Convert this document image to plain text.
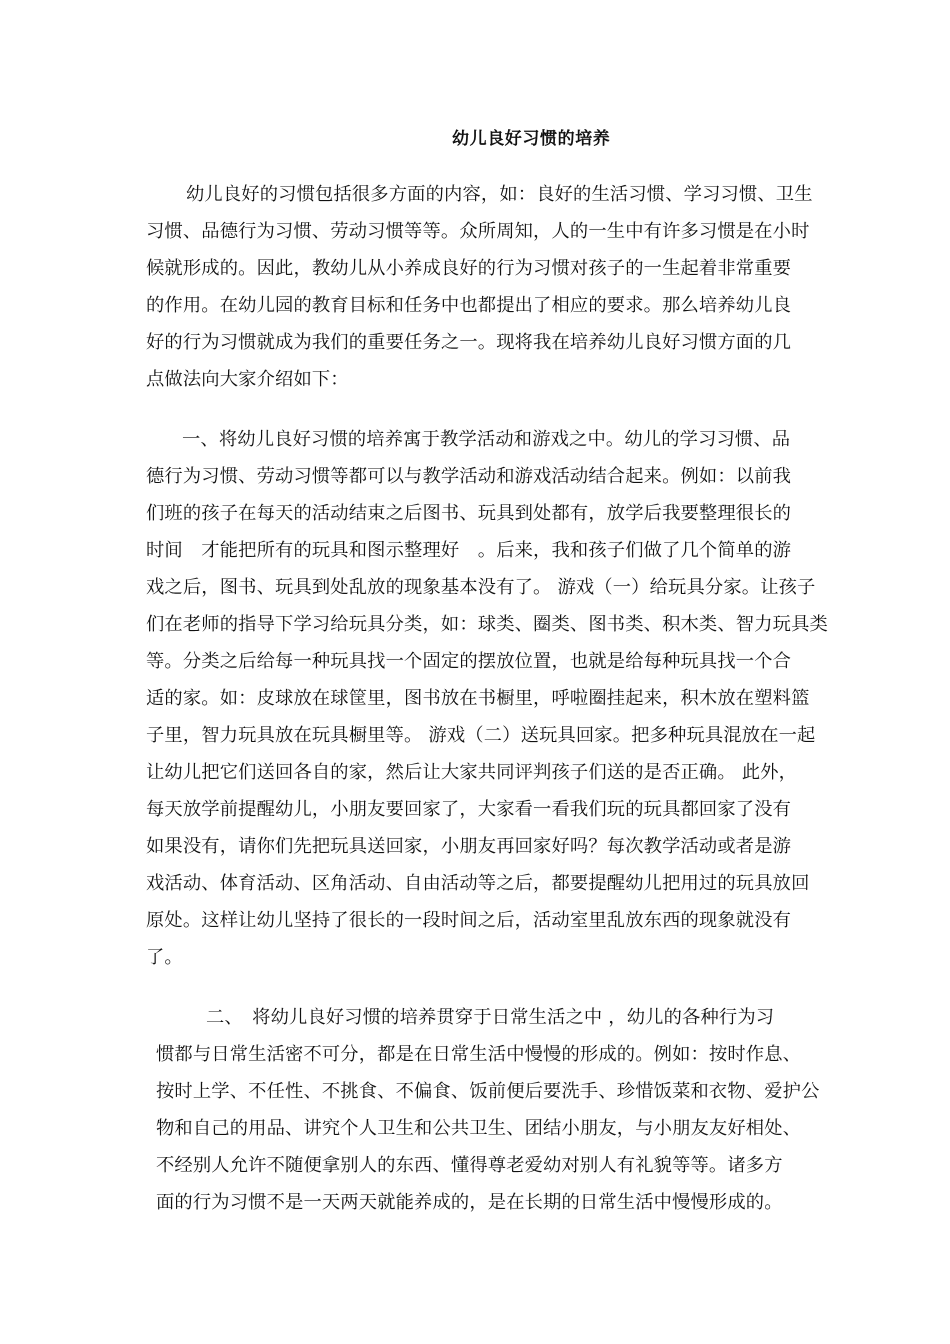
幼儿良好习惯的培养
幼儿良好的习惯包括很多方面的内容，如：良好的生活习惯、学习习惯、卫生
习惯、品德行为习惯、劳动习惯等等。众所周知，人的一生中有许多习惯是在小时
候就形成的。因此，教幼儿从小养成良好的行为习惯对孩子的一生起着非常重要
的作用。在幼儿园的教育目标和任务中也都提出了相应的要求。那么培养幼儿良
好的行为习惯就成为我们的重要任务之一。现将我在培养幼儿良好习惯方面的几
点做法向大家介绍如下：
一、将幼儿良好习惯的培养寓于教学活动和游戏之中。幼儿的学习习惯、品
德行为习惯、劳动习惯等都可以与教学活动和游戏活动结合起来。例如：以前我
们班的孩子在每天的活动结束之后图书、玩具到处都有，放学后我要整理很长的
时间　才能把所有的玩具和图示整理好　。后来，我和孩子们做了几个简单的游
戏之后，图书、玩具到处乱放的现象基本没有了。 游戏（一）给玩具分家。让孩子
们在老师的指导下学习给玩具分类，如：球类、圈类、图书类、积木类、智力玩具类
等。分类之后给每一种玩具找一个固定的摆放位置，也就是给每种玩具找一个合
适的家。如：皮球放在球筐里，图书放在书橱里，呼啦圈挂起来，积木放在塑料篮
子里，智力玩具放在玩具橱里等。 游戏（二）送玩具回家。把多种玩具混放在一起
让幼儿把它们送回各自的家，然后让大家共同评判孩子们送的是否正确。 此外，
每天放学前提醒幼儿，小朋友要回家了，大家看一看我们玩的玩具都回家了没有
如果没有，请你们先把玩具送回家，小朋友再回家好吗？每次教学活动或者是游
戏活动、体育活动、区角活动、自由活动等之后，都要提醒幼儿把用过的玩具放回
原处。这样让幼儿坚持了很长的一段时间之后，活动室里乱放东西的现象就没有
了。
二、　将幼儿良好习惯的培养贯穿于日常生活之中 ，幼儿的各种行为习
惯都与日常生活密不可分，都是在日常生活中慢慢的形成的。例如：按时作息、
按时上学、不任性、不挑食、不偏食、饭前便后要洗手、珍惜饭菜和衣物、爱护公
物和自己的用品、讲究个人卫生和公共卫生、团结小朋友，与小朋友友好相处、
不经别人允许不随便拿别人的东西、懂得尊老爱幼对别人有礼貌等等。诸多方
面的行为习惯不是一天两天就能养成的，是在长期的日常生活中慢慢形成的。
